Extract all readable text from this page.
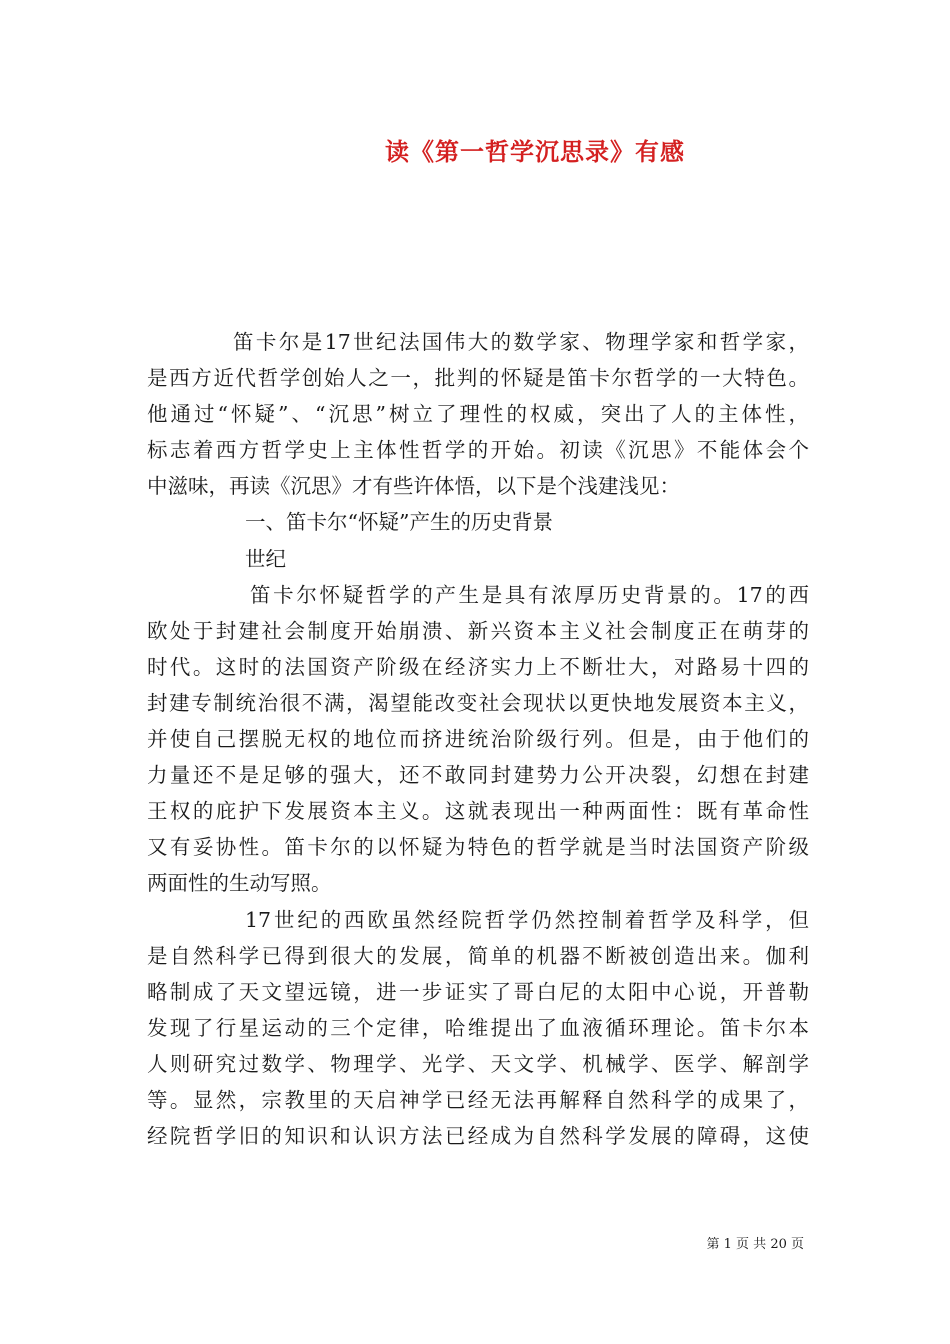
读《第一哲学沉思录》有感
笛卡尔是17世纪法国伟大的数学家、物理学家和哲学家，
是西方近代哲学创始人之一，批判的怀疑是笛卡尔哲学的一大特色。
他通过“怀疑”、“沉思”树立了理性的权威，突出了人的主体性，
标志着西方哲学史上主体性哲学的开始。初读《沉思》不能体会个
中滋味，再读《沉思》才有些许体悟，以下是个浅建浅见：
一、笛卡尔“怀疑”产生的历史背景
世纪
笛卡尔怀疑哲学的产生是具有浓厚历史背景的。17的西
欧处于封建社会制度开始崩溃、新兴资本主义社会制度正在萌芽的
时代。这时的法国资产阶级在经济实力上不断壮大，对路易十四的
封建专制统治很不满，渴望能改变社会现状以更快地发展资本主义，
并使自己摆脱无权的地位而挤进统治阶级行列。但是，由于他们的
力量还不是足够的强大，还不敢同封建势力公开决裂，幻想在封建
王权的庇护下发展资本主义。这就表现出一种两面性：既有革命性
又有妥协性。笛卡尔的以怀疑为特色的哲学就是当时法国资产阶级
两面性的生动写照。
17世纪的西欧虽然经院哲学仍然控制着哲学及科学，但
是自然科学已得到很大的发展，简单的机器不断被创造出来。伽利
略制成了天文望远镜，进一步证实了哥白尼的太阳中心说，开普勒
发现了行星运动的三个定律，哈维提出了血液循环理论。笛卡尔本
人则研究过数学、物理学、光学、天文学、机械学、医学、解剖学
等。显然，宗教里的天启神学已经无法再解释自然科学的成果了，
经院哲学旧的知识和认识方法已经成为自然科学发展的障碍，这使
第 1 页 共 20 页
